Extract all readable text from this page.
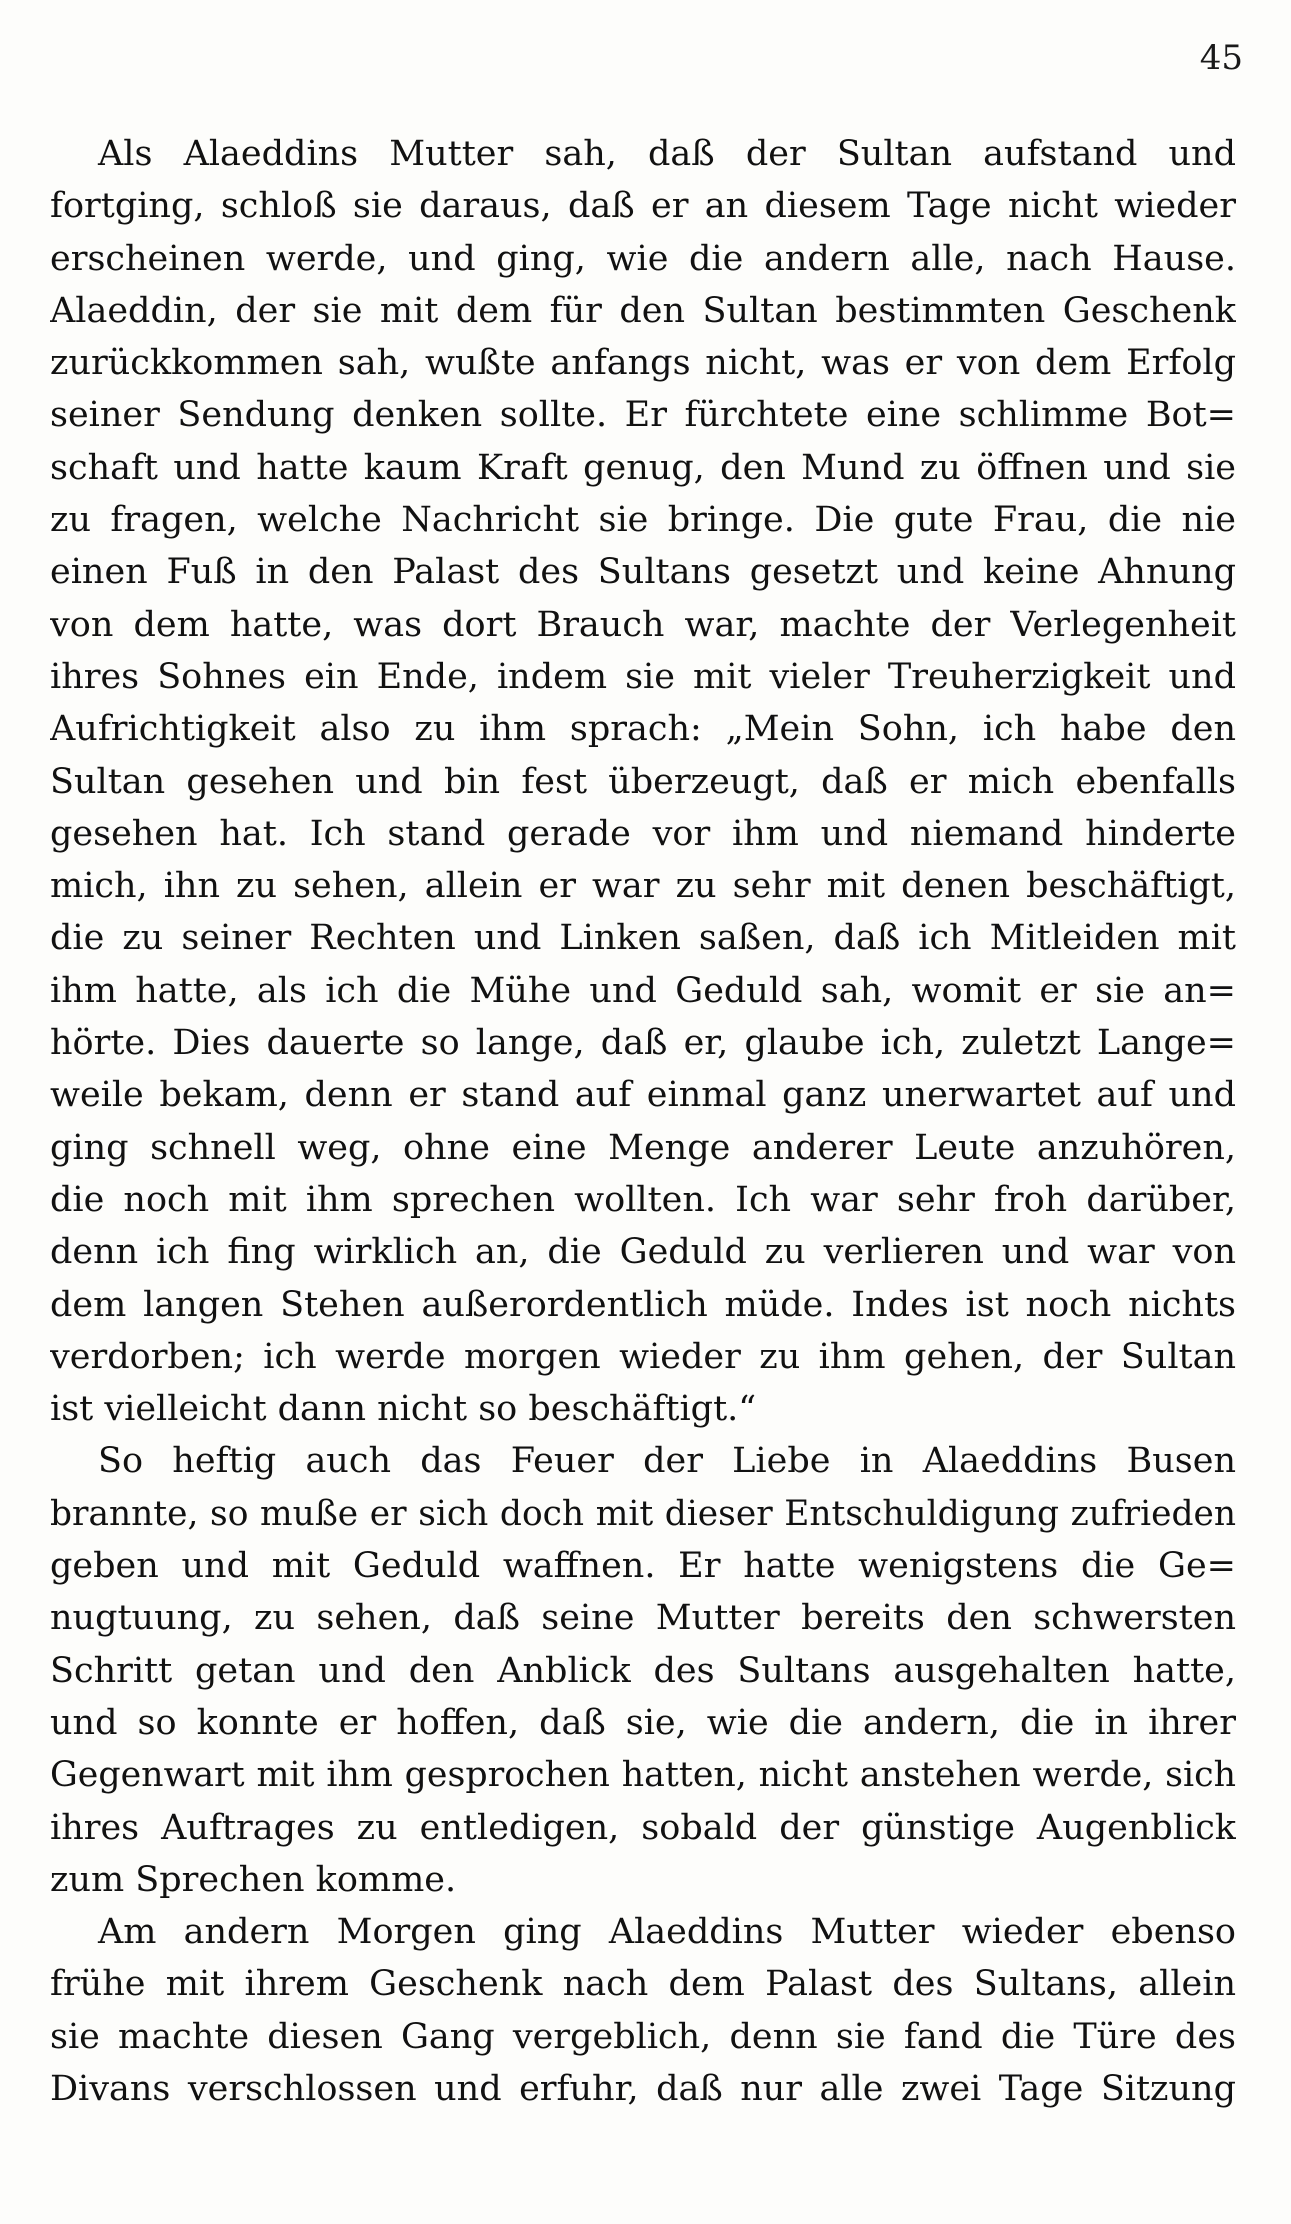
45
Als Alaeddins Mutter sah, daß der Sultan aufstand und
fortging, schloß sie daraus, daß er an diesem Tage nicht wieder
erscheinen werde, und ging, wie die andern alle, nach Hause.
Alaeddin, der sie mit dem für den Sultan bestimmten Geschenk
zurückkommen sah, wußte anfangs nicht, was er von dem Erfolg
seiner Sendung denken sollte. Er fürchtete eine schlimme Bot=
schaft und hatte kaum Kraft genug, den Mund zu öffnen und sie
zu fragen, welche Nachricht sie bringe. Die gute Frau, die nie
einen Fuß in den Palast des Sultans gesetzt und keine Ahnung
von dem hatte, was dort Brauch war, machte der Verlegenheit
ihres Sohnes ein Ende, indem sie mit vieler Treuherzigkeit und
Aufrichtigkeit also zu ihm sprach: „Mein Sohn, ich habe den
Sultan gesehen und bin fest überzeugt, daß er mich ebenfalls
gesehen hat. Ich stand gerade vor ihm und niemand hinderte
mich, ihn zu sehen, allein er war zu sehr mit denen beschäftigt,
die zu seiner Rechten und Linken saßen, daß ich Mitleiden mit
ihm hatte, als ich die Mühe und Geduld sah, womit er sie an=
hörte. Dies dauerte so lange, daß er, glaube ich, zuletzt Lange=
weile bekam, denn er stand auf einmal ganz unerwartet auf und
ging schnell weg, ohne eine Menge anderer Leute anzuhören,
die noch mit ihm sprechen wollten. Ich war sehr froh darüber,
denn ich fing wirklich an, die Geduld zu verlieren und war von
dem langen Stehen außerordentlich müde. Indes ist noch nichts
verdorben; ich werde morgen wieder zu ihm gehen, der Sultan
ist vielleicht dann nicht so beschäftigt.“
So heftig auch das Feuer der Liebe in Alaeddins Busen
brannte, so muße er sich doch mit dieser Entschuldigung zufrieden
geben und mit Geduld waffnen. Er hatte wenigstens die Ge=
nugtuung, zu sehen, daß seine Mutter bereits den schwersten
Schritt getan und den Anblick des Sultans ausgehalten hatte,
und so konnte er hoffen, daß sie, wie die andern, die in ihrer
Gegenwart mit ihm gesprochen hatten, nicht anstehen werde, sich
ihres Auftrages zu entledigen, sobald der günstige Augenblick
zum Sprechen komme.
Am andern Morgen ging Alaeddins Mutter wieder ebenso
frühe mit ihrem Geschenk nach dem Palast des Sultans, allein
sie machte diesen Gang vergeblich, denn sie fand die Türe des
Divans verschlossen und erfuhr, daß nur alle zwei Tage Sitzung
